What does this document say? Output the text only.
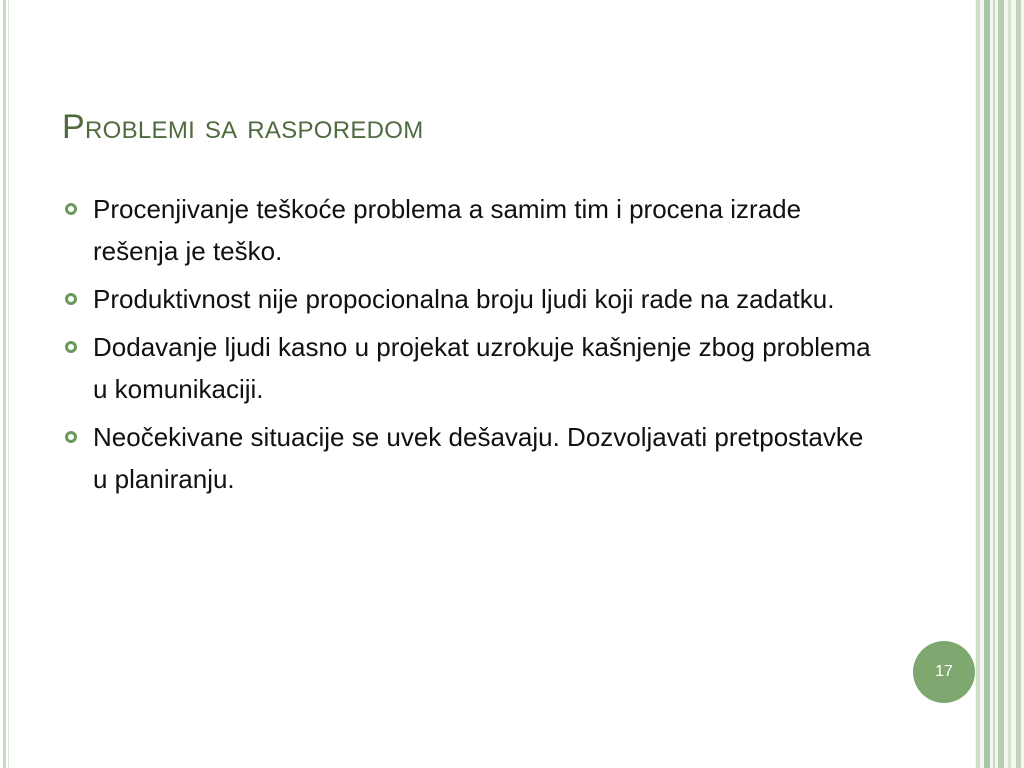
Problemi sa rasporedom
Procenjivanje teškoće problema a samim tim i procena izrade rešenja je teško.
Produktivnost nije propocionalna broju ljudi koji rade na zadatku.
Dodavanje ljudi kasno u projekat uzrokuje kašnjenje zbog problema u komunikaciji.
Neočekivane situacije se uvek dešavaju. Dozvoljavati pretpostavke u planiranju.
17
